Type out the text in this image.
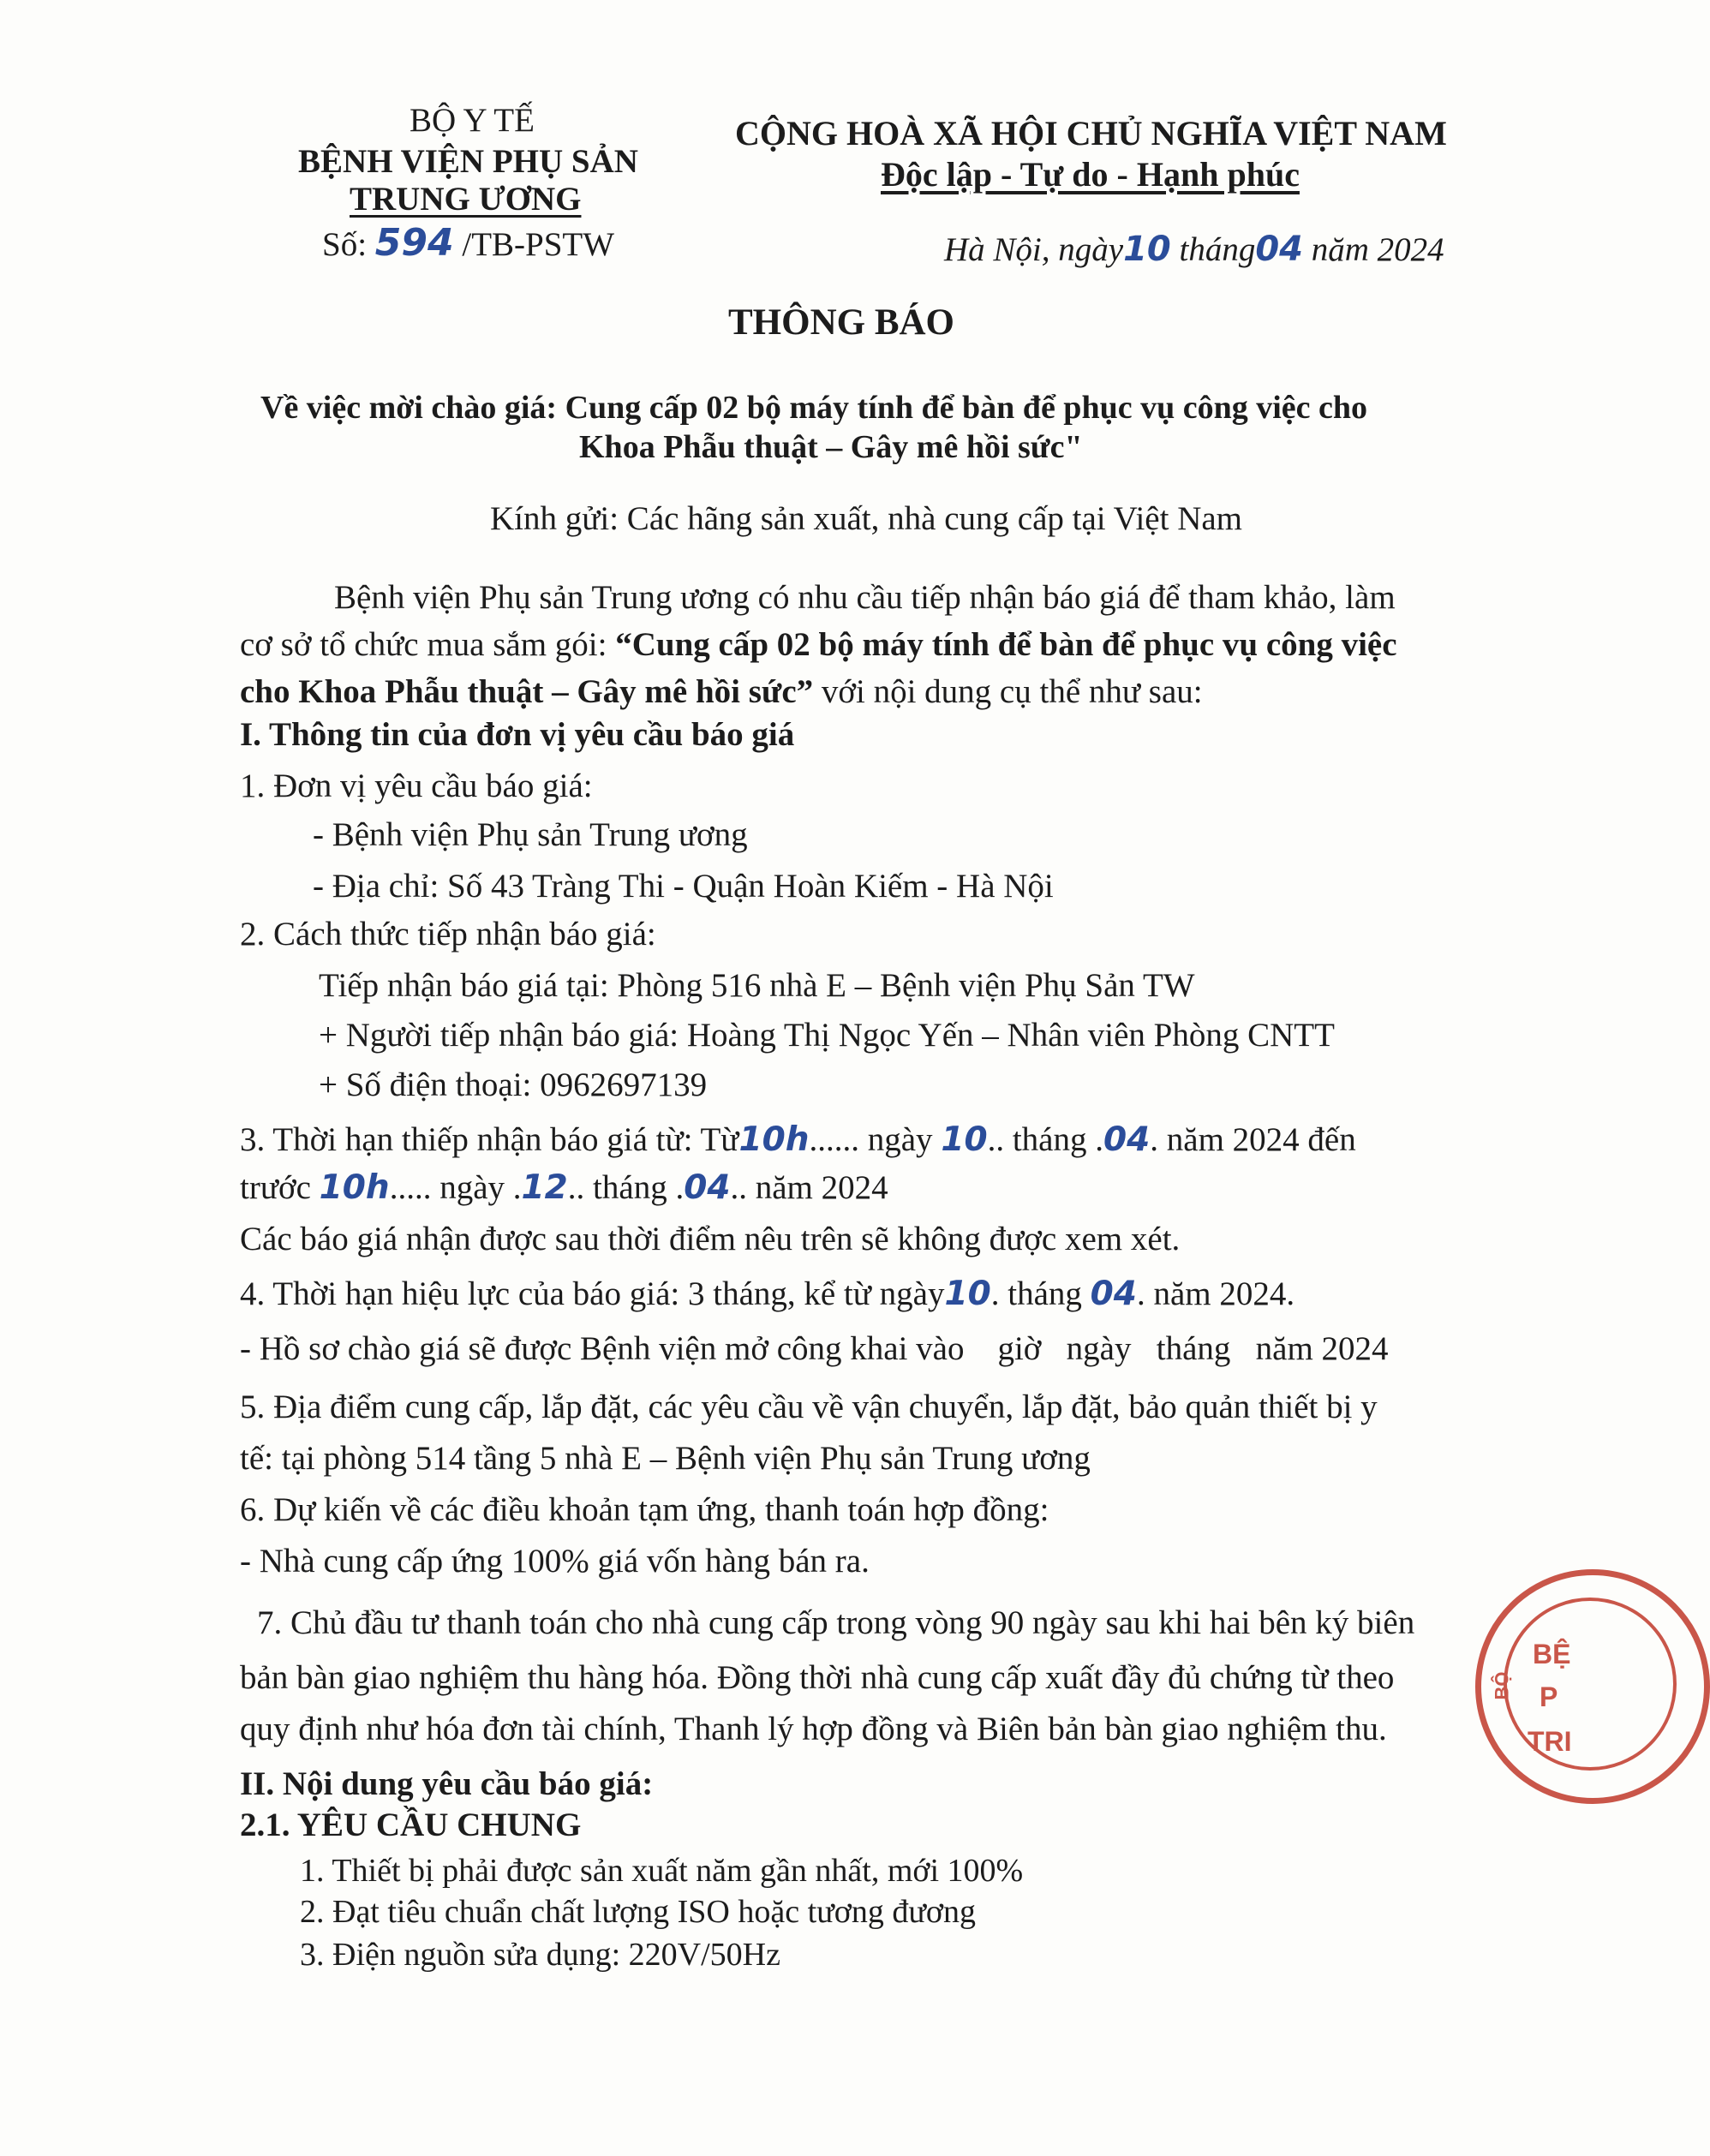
BỘ Y TẾ
BỆNH VIỆN PHỤ SẢN
TRUNG ƯƠNG
Số: 594 /TB-PSTW
CỘNG HOÀ XÃ HỘI CHỦ NGHĨA VIỆT NAM
Độc lập - Tự do - Hạnh phúc
Hà Nội, ngày10 tháng04 năm 2024
THÔNG BÁO
Về việc mời chào giá: Cung cấp 02 bộ máy tính để bàn để phục vụ công việc cho
Khoa Phẫu thuật – Gây mê hồi sức"
Kính gửi: Các hãng sản xuất, nhà cung cấp tại Việt Nam
Bệnh viện Phụ sản Trung ương có nhu cầu tiếp nhận báo giá để tham khảo, làm
cơ sở tổ chức mua sắm gói: “Cung cấp 02 bộ máy tính để bàn để phục vụ công việc
cho Khoa Phẫu thuật – Gây mê hồi sức” với nội dung cụ thể như sau:
I. Thông tin của đơn vị yêu cầu báo giá
1. Đơn vị yêu cầu báo giá:
- Bệnh viện Phụ sản Trung ương
- Địa chỉ: Số 43 Tràng Thi - Quận Hoàn Kiếm - Hà Nội
2. Cách thức tiếp nhận báo giá:
Tiếp nhận báo giá tại: Phòng 516 nhà E – Bệnh viện Phụ Sản TW
+ Người tiếp nhận báo giá: Hoàng Thị Ngọc Yến – Nhân viên Phòng CNTT
+ Số điện thoại: 0962697139
3. Thời hạn thiếp nhận báo giá từ: Từ10h...... ngày 10.. tháng .04. năm 2024 đến
trước 10h..... ngày .12.. tháng .04.. năm 2024
Các báo giá nhận được sau thời điểm nêu trên sẽ không được xem xét.
4. Thời hạn hiệu lực của báo giá: 3 tháng, kể từ ngày10. tháng 04. năm 2024.
- Hồ sơ chào giá sẽ được Bệnh viện mở công khai vào    giờ   ngày   tháng   năm 2024
5. Địa điểm cung cấp, lắp đặt, các yêu cầu về vận chuyển, lắp đặt, bảo quản thiết bị y
tế: tại phòng 514 tầng 5 nhà E – Bệnh viện Phụ sản Trung ương
6. Dự kiến về các điều khoản tạm ứng, thanh toán hợp đồng:
- Nhà cung cấp ứng 100% giá vốn hàng bán ra.
7. Chủ đầu tư thanh toán cho nhà cung cấp trong vòng 90 ngày sau khi hai bên ký biên
bản bàn giao nghiệm thu hàng hóa. Đồng thời nhà cung cấp xuất đầy đủ chứng từ theo
quy định như hóa đơn tài chính, Thanh lý hợp đồng và Biên bản bàn giao nghiệm thu.
II. Nội dung yêu cầu báo giá:
2.1. YÊU CẦU CHUNG
1. Thiết bị phải được sản xuất năm gần nhất, mới 100%
2. Đạt tiêu chuẩn chất lượng ISO hoặc tương đương
3. Điện nguồn sửa dụng: 220V/50Hz
BỆ
P
TRI
BỘ
